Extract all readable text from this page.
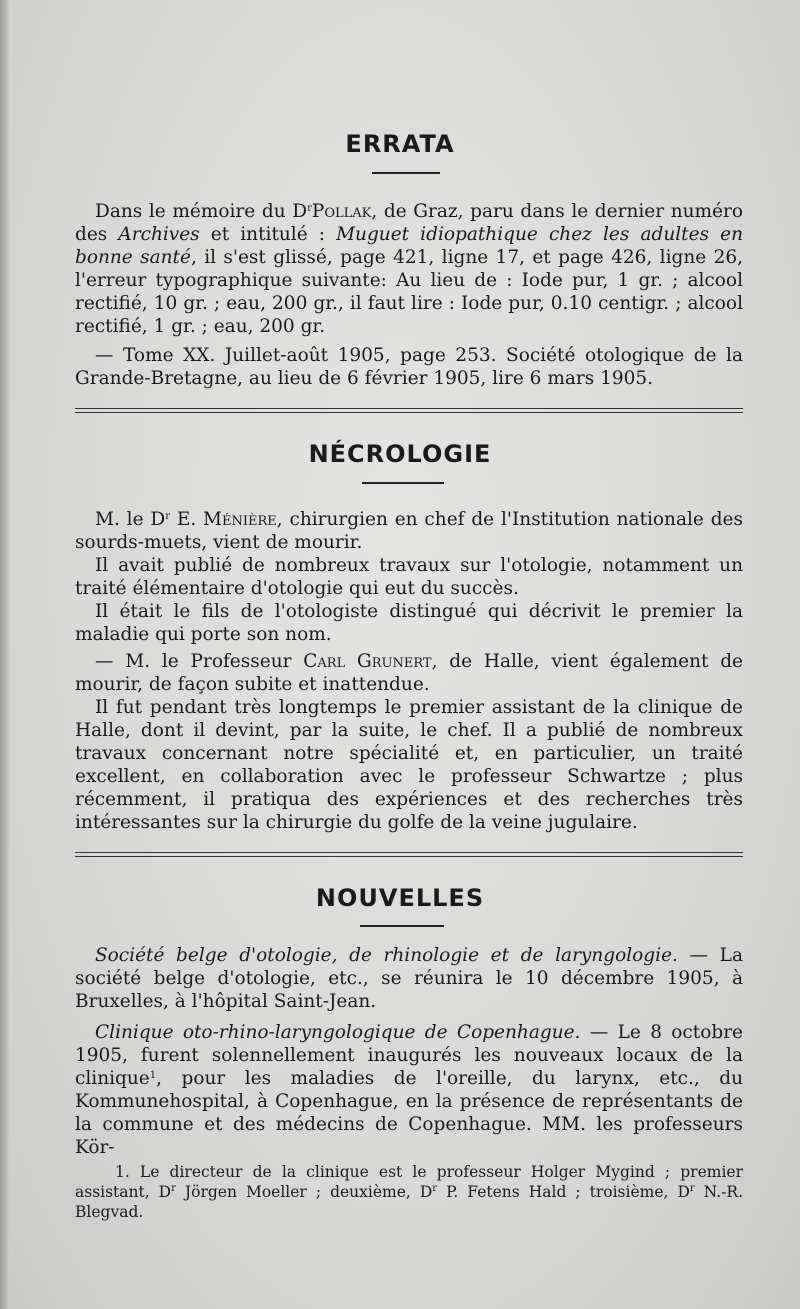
ERRATA

Dans le mémoire du $D^rPollak$, de Graz, paru dans le dernier numéro des Archives et intitulé : Muguet idiopathique chez les adultes en bonne santé, il s'est glissé, page 421, ligne 17, et page 426, ligne 26, l'erreur typographique suivante: Au lieu de : Iode pur, 1 gr. ; alcool rectifié, 10 gr. ; eau, 200 gr., il faut lire : Iode pur, 0.10 centigr. ; alcool rectifié, 1 gr. ; eau, 200 gr.

— Tome XX. Juillet-août 1905, page 253. Société otologique de la Grande-Bretagne, au lieu de 6 février 1905, lire 6 mars 1905.

NÉCROLOGIE

M. le $D^r$ E. Ménière, chirurgien en chef de l'Institution nationale des sourds-muets, vient de mourir.

Il avait publié de nombreux travaux sur l'otologie, notamment un traité élémentaire d'otologie qui eut du succès.

Il était le fils de l'otologiste distingué qui décrivit le premier la maladie qui porte son nom.

— M. le Professeur Carl Grunert, de Halle, vient également de mourir, de façon subite et inattendue.

Il fut pendant très longtemps le premier assistant de la clinique de Halle, dont il devint, par la suite, le chef. Il a publié de nombreux travaux concernant notre spécialité et, en particulier, un traité excellent, en collaboration avec le professeur Schwartze ; plus récemment, il pratiqua des expériences et des recherches très intéressantes sur la chirurgie du golfe de la veine jugulaire.

NOUVELLES

Société belge d'otologie, de rhinologie et de laryngologie. — La société belge d'otologie, etc., se réunira le 10 décembre 1905, à Bruxelles, à l'hôpital Saint-Jean.

Clinique oto-rhino-laryngologique de Copenhague. — Le 8 octobre 1905, furent solennellement inaugurés les nouveaux locaux de la clinique$^1$, pour les maladies de l'oreille, du larynx, etc., du Kommunehospital, à Copenhague, en la présence de représentants de la commune et des médecins de Copenhague. MM. les professeurs Kör-

1. Le directeur de la clinique est le professeur Holger Mygind ; premier assistant, $D^r$ Jörgen Moeller ; deuxième, $D^r$ P. Fetens Hald ; troisième, $D^r$ N.-R. Blegvad.
